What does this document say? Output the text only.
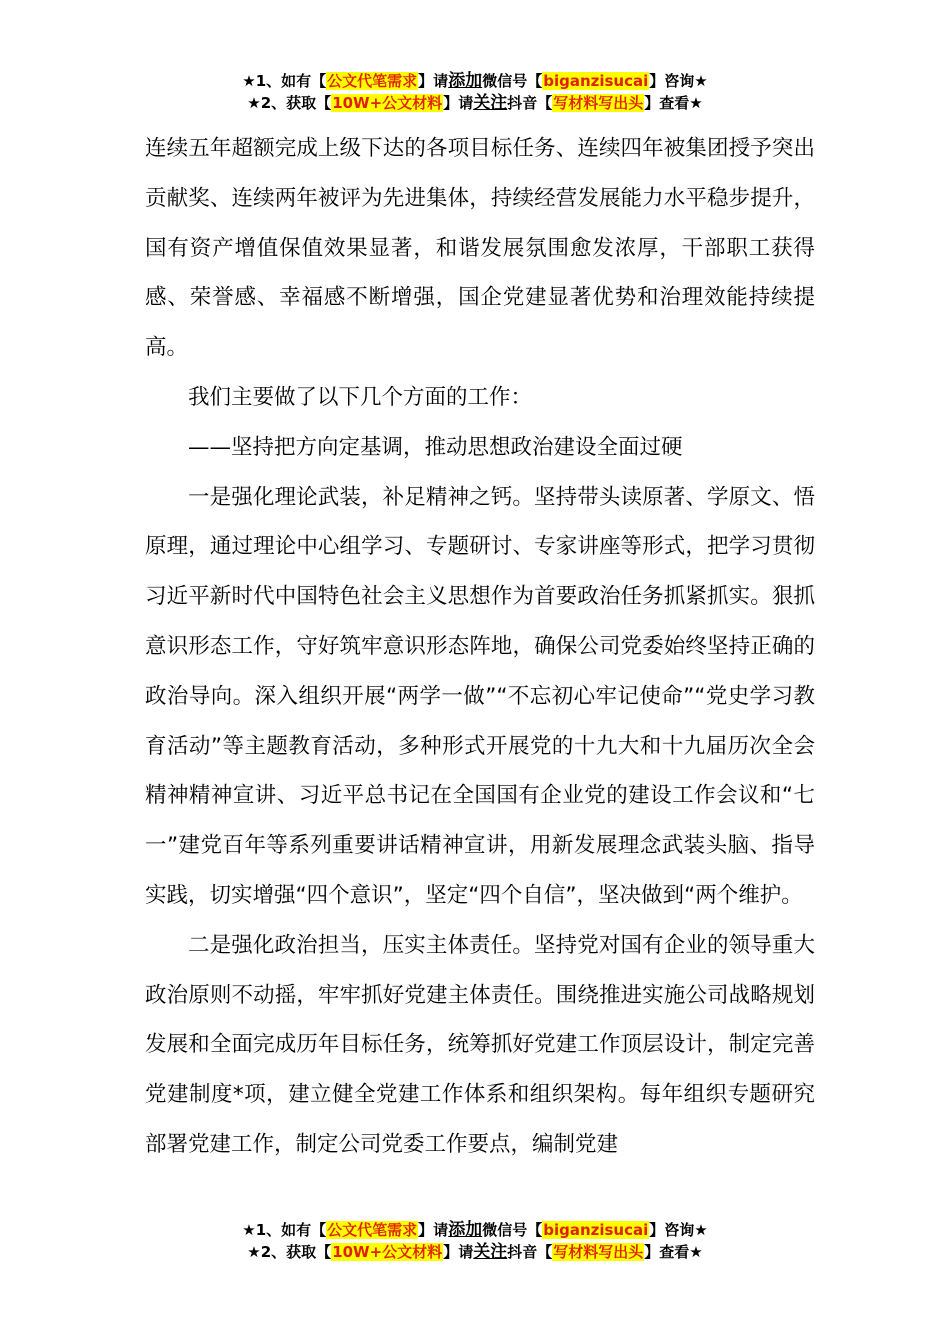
★1、如有【公文代笔需求】请添加微信号【biganzisucai】咨询★
★2、获取【10W+公文材料】请关注抖音【写材料写出头】查看★

连续五年超额完成上级下达的各项目标任务、连续四年被集团授予突出贡献奖、连续两年被评为先进集体，持续经营发展能力水平稳步提升，国有资产增值保值效果显著，和谐发展氛围愈发浓厚，干部职工获得感、荣誉感、幸福感不断增强，国企党建显著优势和治理效能持续提高。

我们主要做了以下几个方面的工作：

——坚持把方向定基调，推动思想政治建设全面过硬

一是强化理论武装，补足精神之钙。坚持带头读原著、学原文、悟原理，通过理论中心组学习、专题研讨、专家讲座等形式，把学习贯彻习近平新时代中国特色社会主义思想作为首要政治任务抓紧抓实。狠抓意识形态工作，守好筑牢意识形态阵地，确保公司党委始终坚持正确的政治导向。深入组织开展“两学一做”“不忘初心牢记使命”“党史学习教育活动”等主题教育活动，多种形式开展党的十九大和十九届历次全会精神精神宣讲、习近平总书记在全国国有企业党的建设工作会议和“七一”建党百年等系列重要讲话精神宣讲，用新发展理念武装头脑、指导实践，切实增强“四个意识”，坚定“四个自信”，坚决做到“两个维护。

二是强化政治担当，压实主体责任。坚持党对国有企业的领导重大政治原则不动摇，牢牢抓好党建主体责任。围绕推进实施公司战略规划发展和全面完成历年目标任务，统筹抓好党建工作顶层设计，制定完善党建制度*项，建立健全党建工作体系和组织架构。每年组织专题研究部署党建工作，制定公司党委工作要点，编制党建

★1、如有【公文代笔需求】请添加微信号【biganzisucai】咨询★
★2、获取【10W+公文材料】请关注抖音【写材料写出头】查看★
